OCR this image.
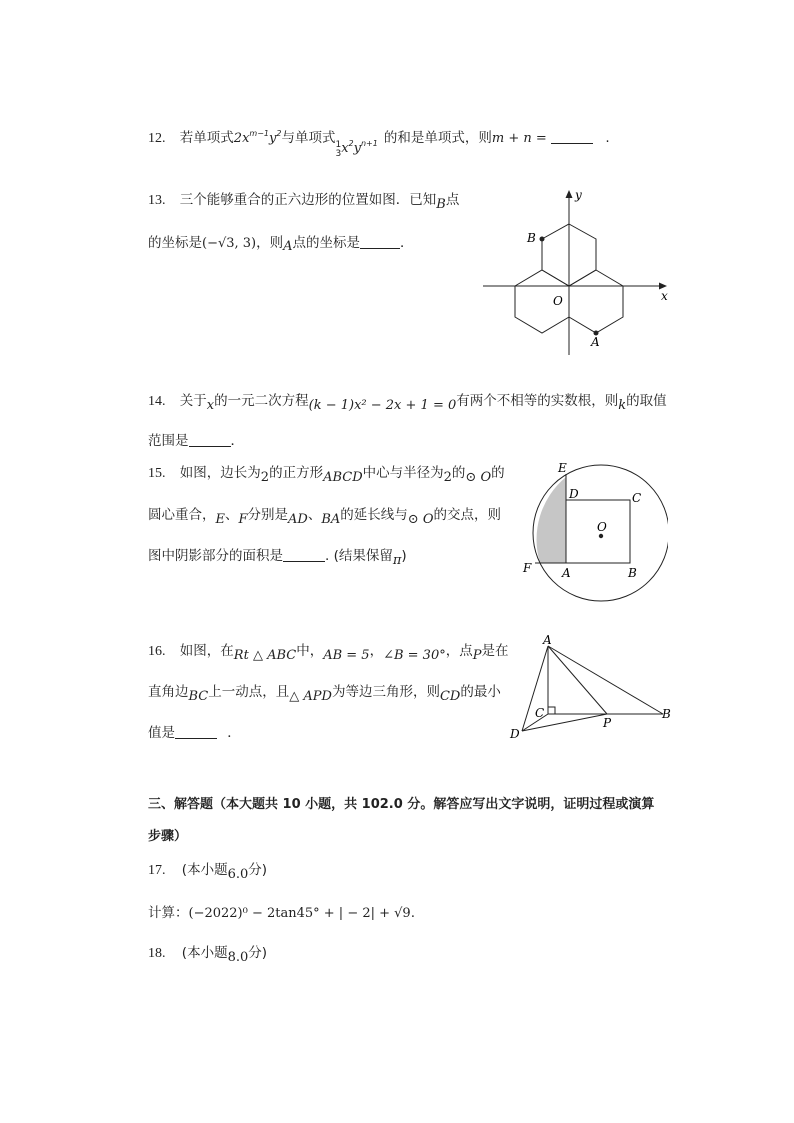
12. 若单项式$2x^{m-1}y^2$与单项式 1
3 $x_2y_{n+1}$ 的和是单项式，则m + n =	.
13. 三个能够重合的正六边形的位置如图．已知B点
的坐标是(−√3, 3)，则A点的坐标是	．
y
x
O
B
A
14. 关于x的一元二次方程(k − 1)x² − 2x + 1 = 0有两个不相等的实数根，则k的取值
范围是	．
15. 如图，边长为2的正方形ABCD中心与半径为2的⊙ O的
圆心重合，E、F分别是AD、BA的延长线与⊙ O的交点，则
图中阴影部分的面积是	. (结果保留π)
E
D	C
O
F	A	B
16. 如图，在Rt △ ABC中，AB = 5，∠B = 30°，点P是在
直角边BC上一动点，且△ APD为等边三角形，则CD的最小
值是	．
A
C
P
B
D
三、解答题（本大题共 10 小题，共 102.0 分。解答应写出文字说明，证明过程或演算
步骤）
17. (本小题6.0分)
计算：(−2022)⁰ − 2tan45° + | − 2| + √9.
18. (本小题8.0分)
